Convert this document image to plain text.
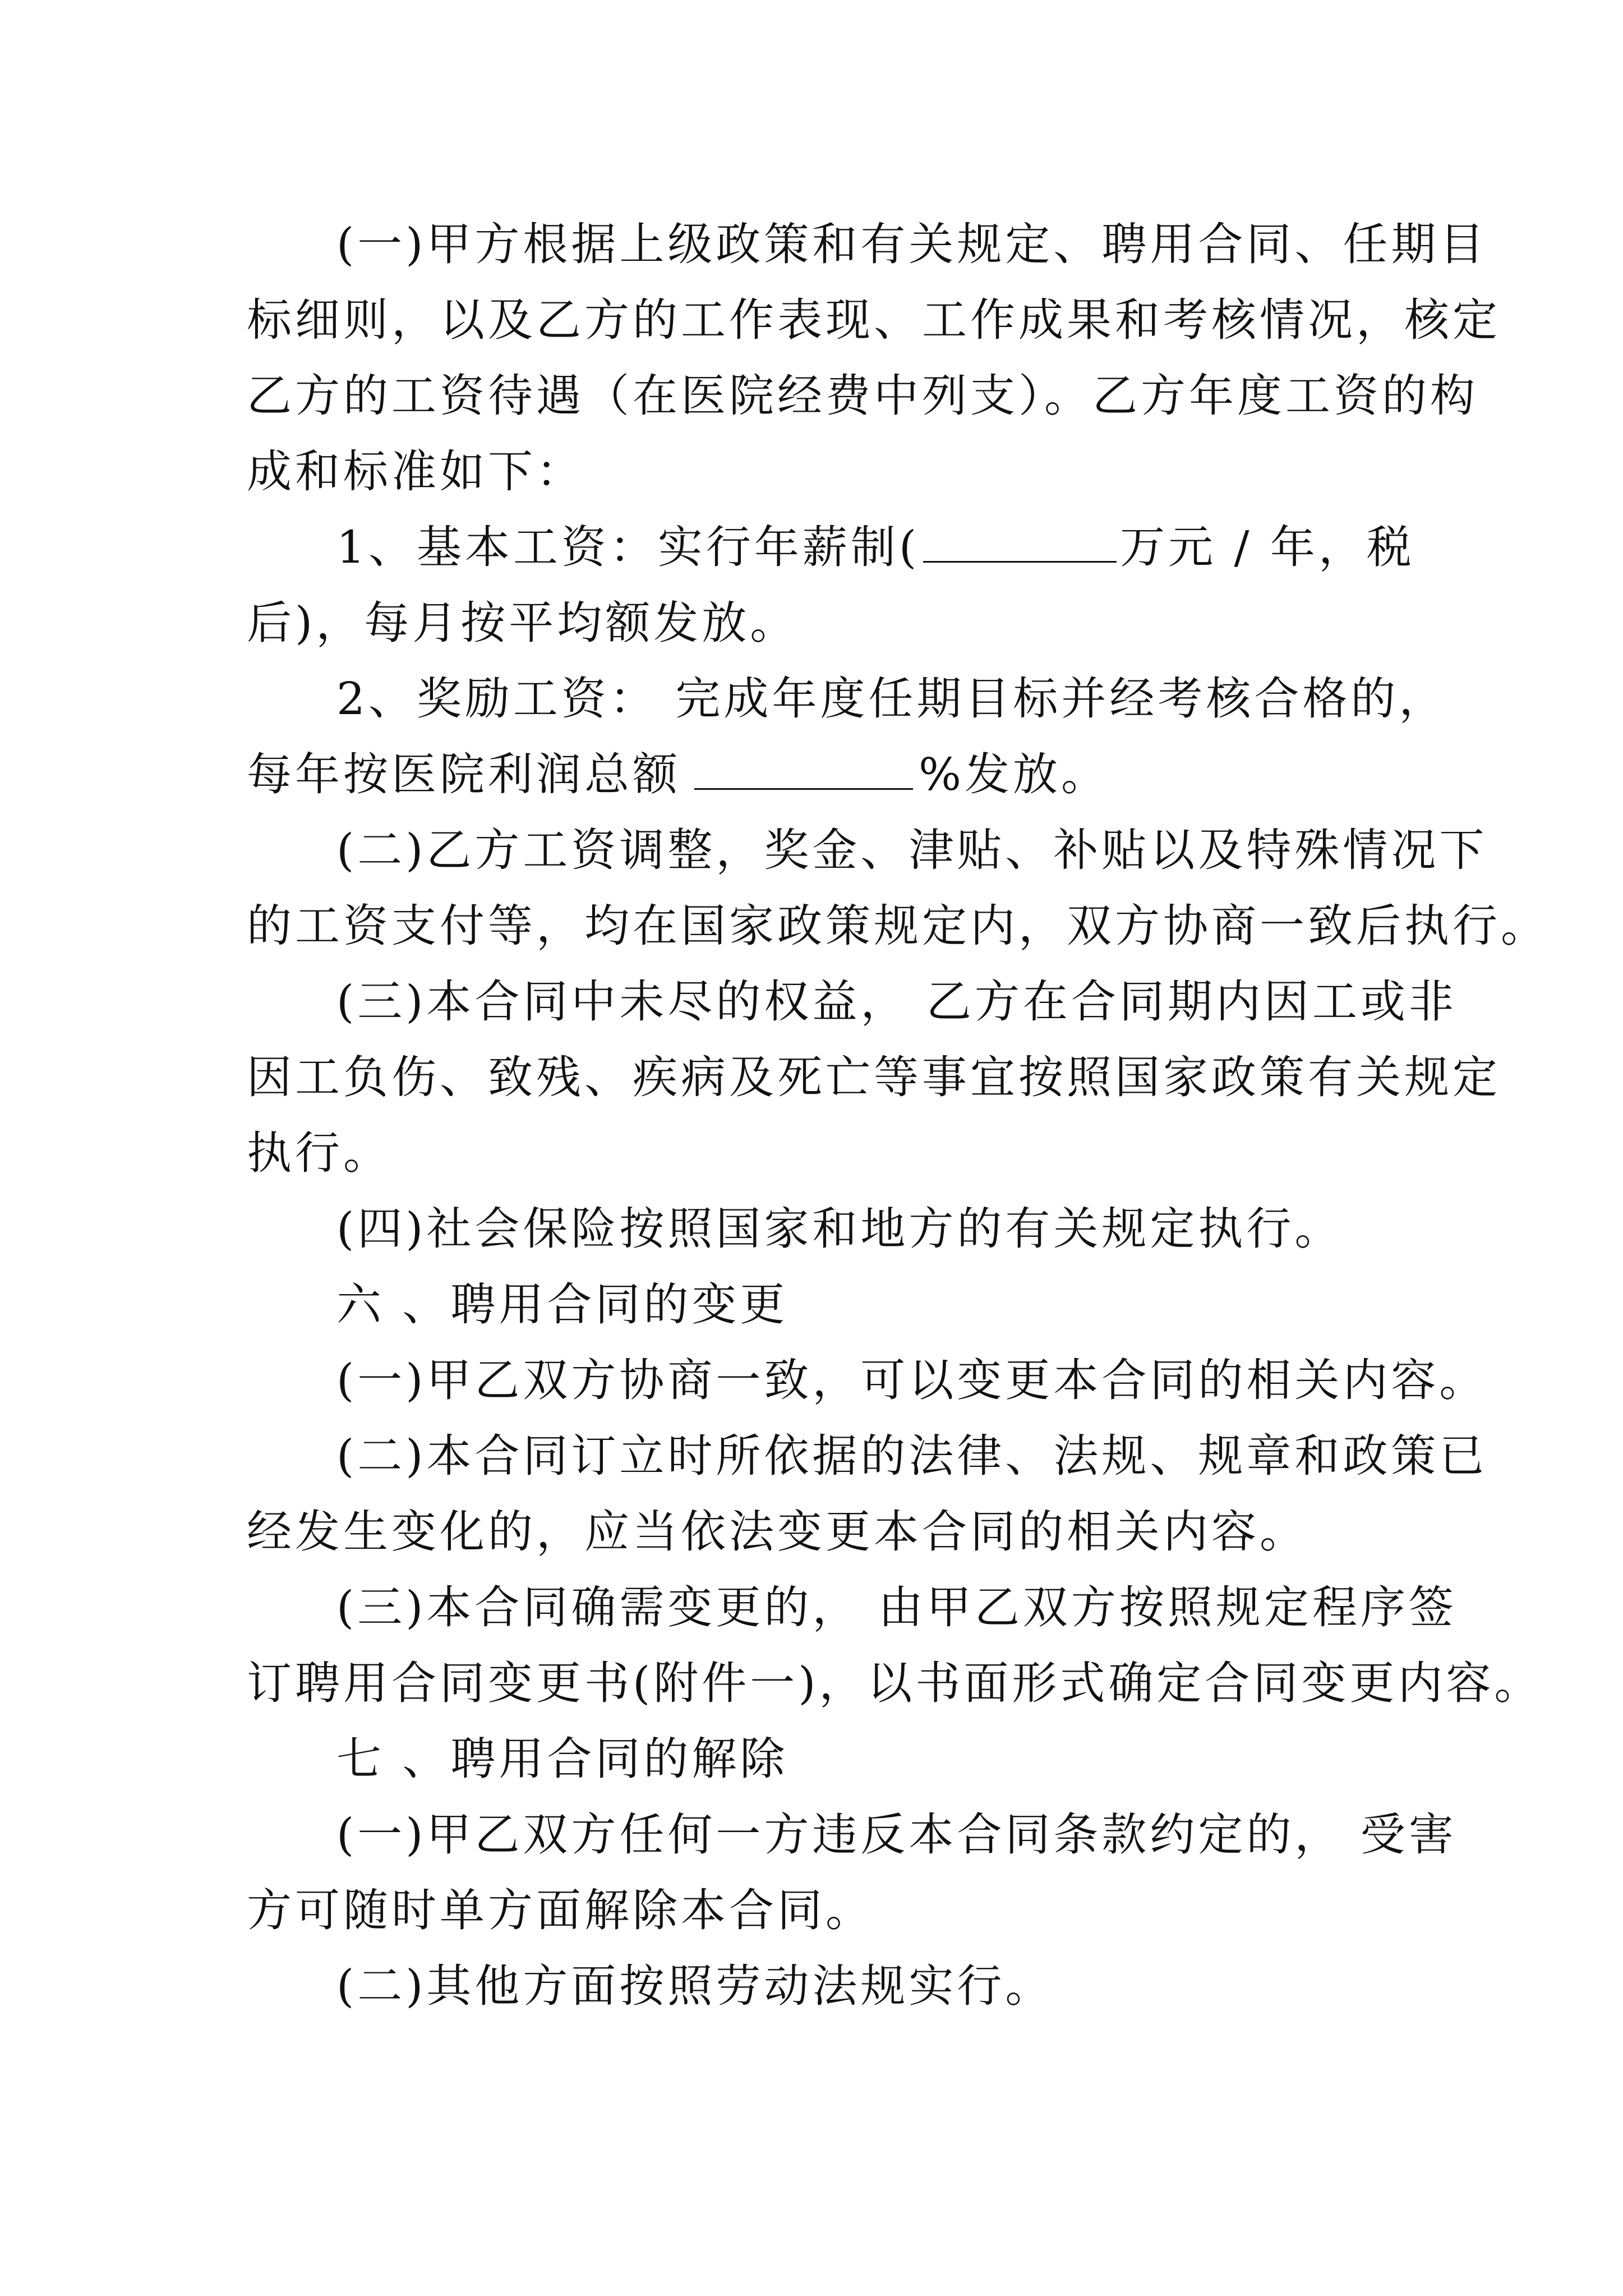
(一)甲方根据上级政策和有关规定、聘用合同、任期目
标细则，以及乙方的工作表现、工作成果和考核情况，核定
乙方的工资待遇（在医院经费中列支）。乙方年度工资的构
成和标准如下：
1、基本工资：实行年薪制(	万元 / 年，税
后)，每月按平均额发放。
2、奖励工资： 完成年度任期目标并经考核合格的，
每年按医院利润总额	%发放。
(二)乙方工资调整，奖金、津贴、补贴以及特殊情况下
的工资支付等，均在国家政策规定内，双方协商一致后执行。
(三)本合同中未尽的权益， 乙方在合同期内因工或非
因工负伤、致残、疾病及死亡等事宜按照国家政策有关规定
执行。
(四)社会保险按照国家和地方的有关规定执行。
六 、聘用合同的变更
(一)甲乙双方协商一致，可以变更本合同的相关内容。
(二)本合同订立时所依据的法律、法规、规章和政策已
经发生变化的，应当依法变更本合同的相关内容。
(三)本合同确需变更的， 由甲乙双方按照规定程序签
订聘用合同变更书(附件一)，以书面形式确定合同变更内容。
七 、聘用合同的解除
(一)甲乙双方任何一方违反本合同条款约定的， 受害
方可随时单方面解除本合同。
(二)其他方面按照劳动法规实行。
